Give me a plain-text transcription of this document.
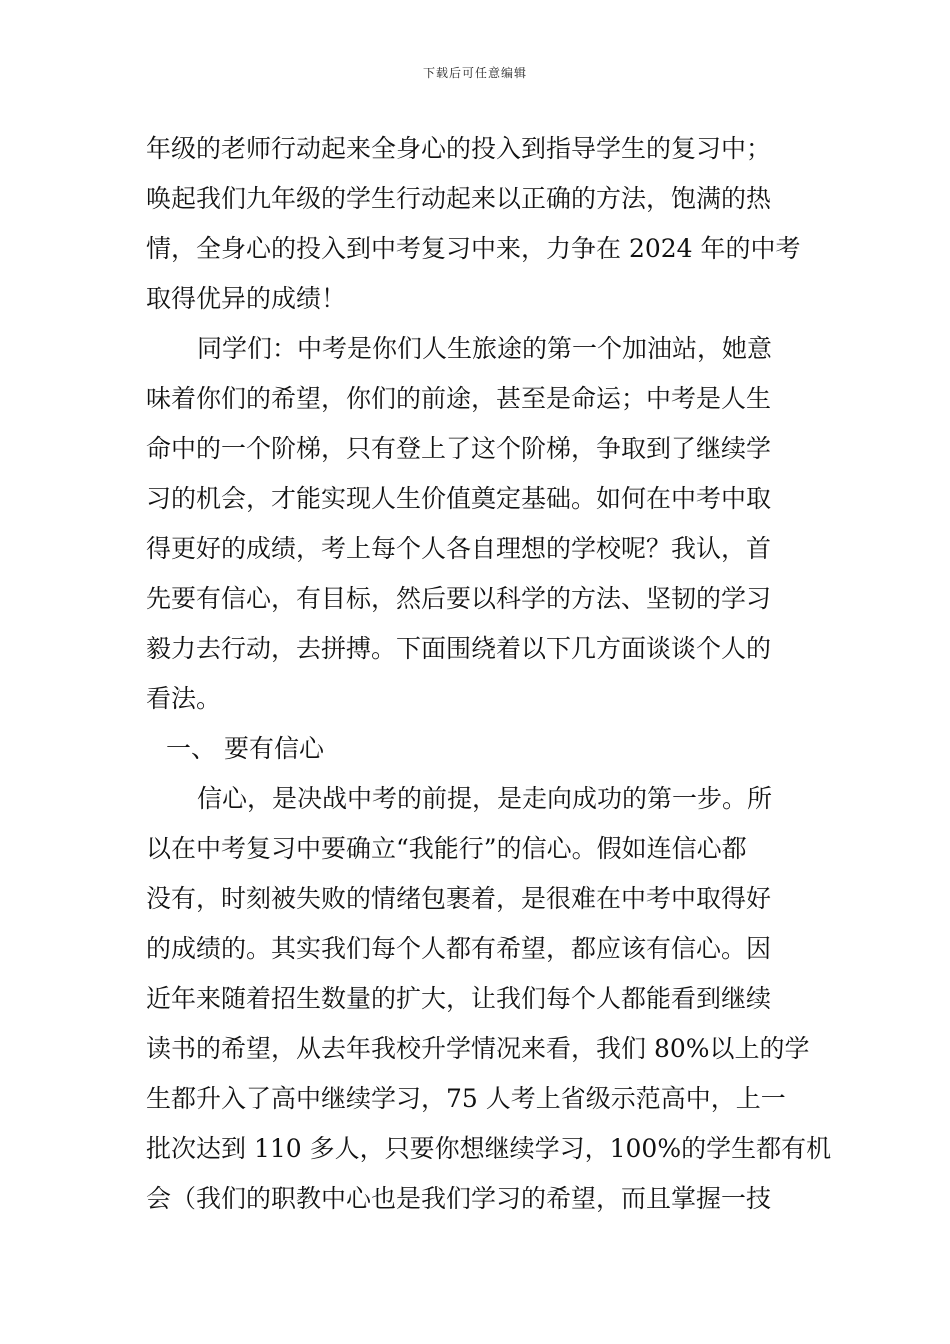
下载后可任意编辑
年级的老师行动起来全身心的投入到指导学生的复习中；
唤起我们九年级的学生行动起来以正确的方法，饱满的热
情，全身心的投入到中考复习中来，力争在 2024 年的中考
取得优异的成绩！
同学们：中考是你们人生旅途的第一个加油站，她意
味着你们的希望，你们的前途，甚至是命运；中考是人生
命中的一个阶梯，只有登上了这个阶梯，争取到了继续学
习的机会，才能实现人生价值奠定基础。如何在中考中取
得更好的成绩，考上每个人各自理想的学校呢？我认，首
先要有信心，有目标，然后要以科学的方法、坚韧的学习
毅力去行动，去拼搏。下面围绕着以下几方面谈谈个人的
看法。
一、 要有信心
信心，是决战中考的前提，是走向成功的第一步。所
以在中考复习中要确立“我能行”的信心。假如连信心都
没有，时刻被失败的情绪包裹着，是很难在中考中取得好
的成绩的。其实我们每个人都有希望，都应该有信心。因
近年来随着招生数量的扩大，让我们每个人都能看到继续
读书的希望，从去年我校升学情况来看，我们 80%以上的学
生都升入了高中继续学习，75 人考上省级示范高中，上一
批次达到 110 多人，只要你想继续学习，100%的学生都有机
会（我们的职教中心也是我们学习的希望，而且掌握一技
